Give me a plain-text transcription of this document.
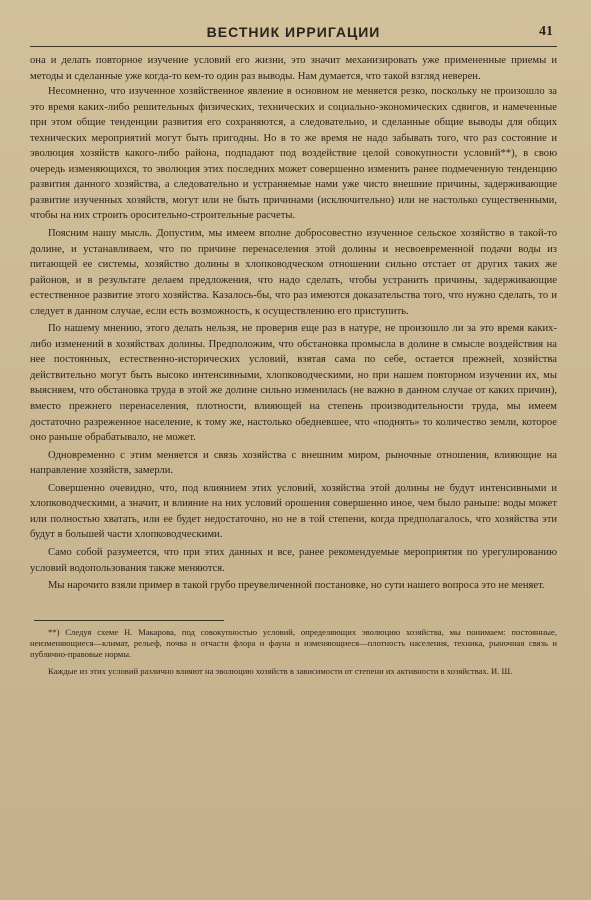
ВЕСТНИК ИРРИГАЦИИ	41

она и делать повторное изучение условий его жизни, это значит механизировать уже примененные приемы и методы и сделанные уже когда-то кем-то один раз выводы. Нам думается, что такой взгляд неверен.

Несомненно, что изученное хозяйственное явление в основном не меняется резко, поскольку не произошло за это время каких-либо решительных физических, технических и социально-экономических сдвигов, и намеченные при этом общие тенденции развития его сохраняются, а следовательно, и сделанные общие выводы для общих технических мероприятий могут быть пригодны. Но в то же время не надо забывать того, что раз состояние и эволюция хозяйств какого-либо района, подпадают под воздействие целой совокупности условий**), в свою очередь изменяющихся, то эволюция этих последних может совершенно изменить ранее подмеченную тенденцию развития данного хозяйства, а следовательно и устраняемые нами уже чисто внешние причины, задерживающие развитие изученных хозяйств, могут или не быть причинами (исключительно) или не настолько существенными, чтобы на них строить оросительно-строительные расчеты.

Поясним нашу мысль. Допустим, мы имеем вполне добросовестно изученное сельское хозяйство в такой-то долине, и устанавливаем, что по причине перенаселения этой долины и несвоевременной подачи воды из питающей ее системы, хозяйство долины в хлопководческом отношении сильно отстает от других таких же районов, и в результате делаем предложения, что надо сделать, чтобы устранить причины, задерживающие естественное развитие этого хозяйства. Казалось-бы, что раз имеются доказательства того, что нужно сделать, то и следует в данном случае, если есть возможность, к осуществлению его приступить.

По нашему мнению, этого делать нельзя, не проверив еще раз в натуре, не произошло ли за это время каких-либо изменений в хозяйствах долины. Предположим, что обстановка промысла в долине в смысле воздействия на нее постоянных, естественно-исторических условий, взятая сама по себе, остается прежней, хозяйства действительно могут быть высоко интенсивными, хлопководческими, но при нашем повторном изучении их, мы выясняем, что обстановка труда в этой же долине сильно изменилась (не важно в данном случае от каких причин), вместо прежнего перенаселения, плотности, влияющей на степень производительности труда, мы имеем достаточно разреженное население, к тому же, настолько обедневшее, что «поднять» то количество земли, которое оно раньше обрабатывало, не может.

Одновременно с этим меняется и связь хозяйства с внешним миром, рыночные отношения, влияющие на направление хозяйств, замерли.

Совершенно очевидно, что, под влиянием этих условий, хозяйства этой долины не будут интенсивными и хлопководческими, а значит, и влияние на них условий орошения совершенно иное, чем было раньше: воды может или полностью хватать, или ее будет недостаточно, но не в той степени, когда предполагалось, что хозяйства эти будут в большей части хлопководческими.

Само собой разумеется, что при этих данных и все, ранее рекомендуемые мероприятия по урегулированию условий водопользования также меняются.

Мы нарочито взяли пример в такой грубо преувеличенной постановке, но сути нашего вопроса это не меняет.

**) Следуя схеме Н. Макарова, под совокупностью условий, определяющих эволюцию хозяйства, мы понимаем: постоянные, неизменяющиеся—климат, рельеф, почва и отчасти флора и фауна и изменяющиеся—плотность населения, техника, рыночная связь и публично-правовые нормы.

Каждые из этих условий различно влияют на эволюцию хозяйств в зависимости от степени их активности в хозяйствах. И. Ш.
